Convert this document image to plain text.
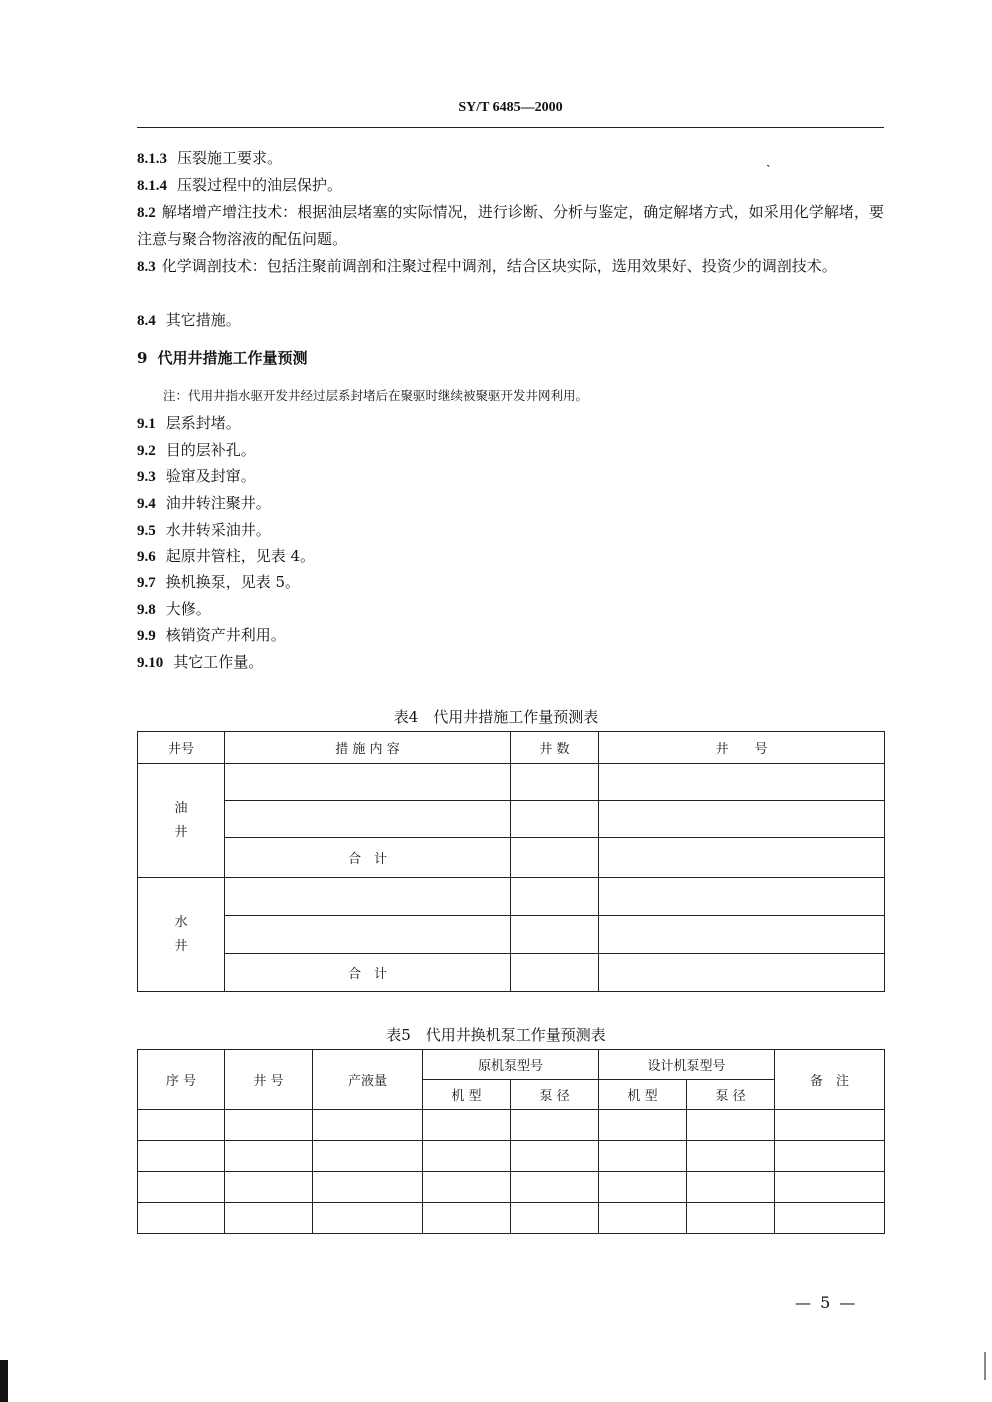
SY/T 6485—2000
ˏ
8.1.3 压裂施工要求。
8.1.4 压裂过程中的油层保护。
8.2 解堵增产增注技术：根据油层堵塞的实际情况，进行诊断、分析与鉴定，确定解堵方式，如采用化学解堵，要注意与聚合物溶液的配伍问题。
8.3 化学调剖技术：包括注聚前调剖和注聚过程中调剂，结合区块实际，选用效果好、投资少的调剖技术。
8.4 其它措施。
9 代用井措施工作量预测
注：代用井指水驱开发井经过层系封堵后在聚驱时继续被聚驱开发井网利用。
9.1 层系封堵。
9.2 目的层补孔。
9.3 验窜及封窜。
9.4 油井转注聚井。
9.5 水井转采油井。
9.6 起原井管柱，见表 4。
9.7 换机换泵，见表 5。
9.8 大修。
9.9 核销资产井利用。
9.10 其它工作量。
表4　代用井措施工作量预测表
井号	措 施 内 容	井 数	井　　号

油
井			

	合　计		

水
井			

	合　计		
表5　代用井换机泵工作量预测表
序 号	井 号	产液量	原机泵型号		设计机泵型号		备　注
			机 型	泵 径	机 型	泵 径	

— 5 —
